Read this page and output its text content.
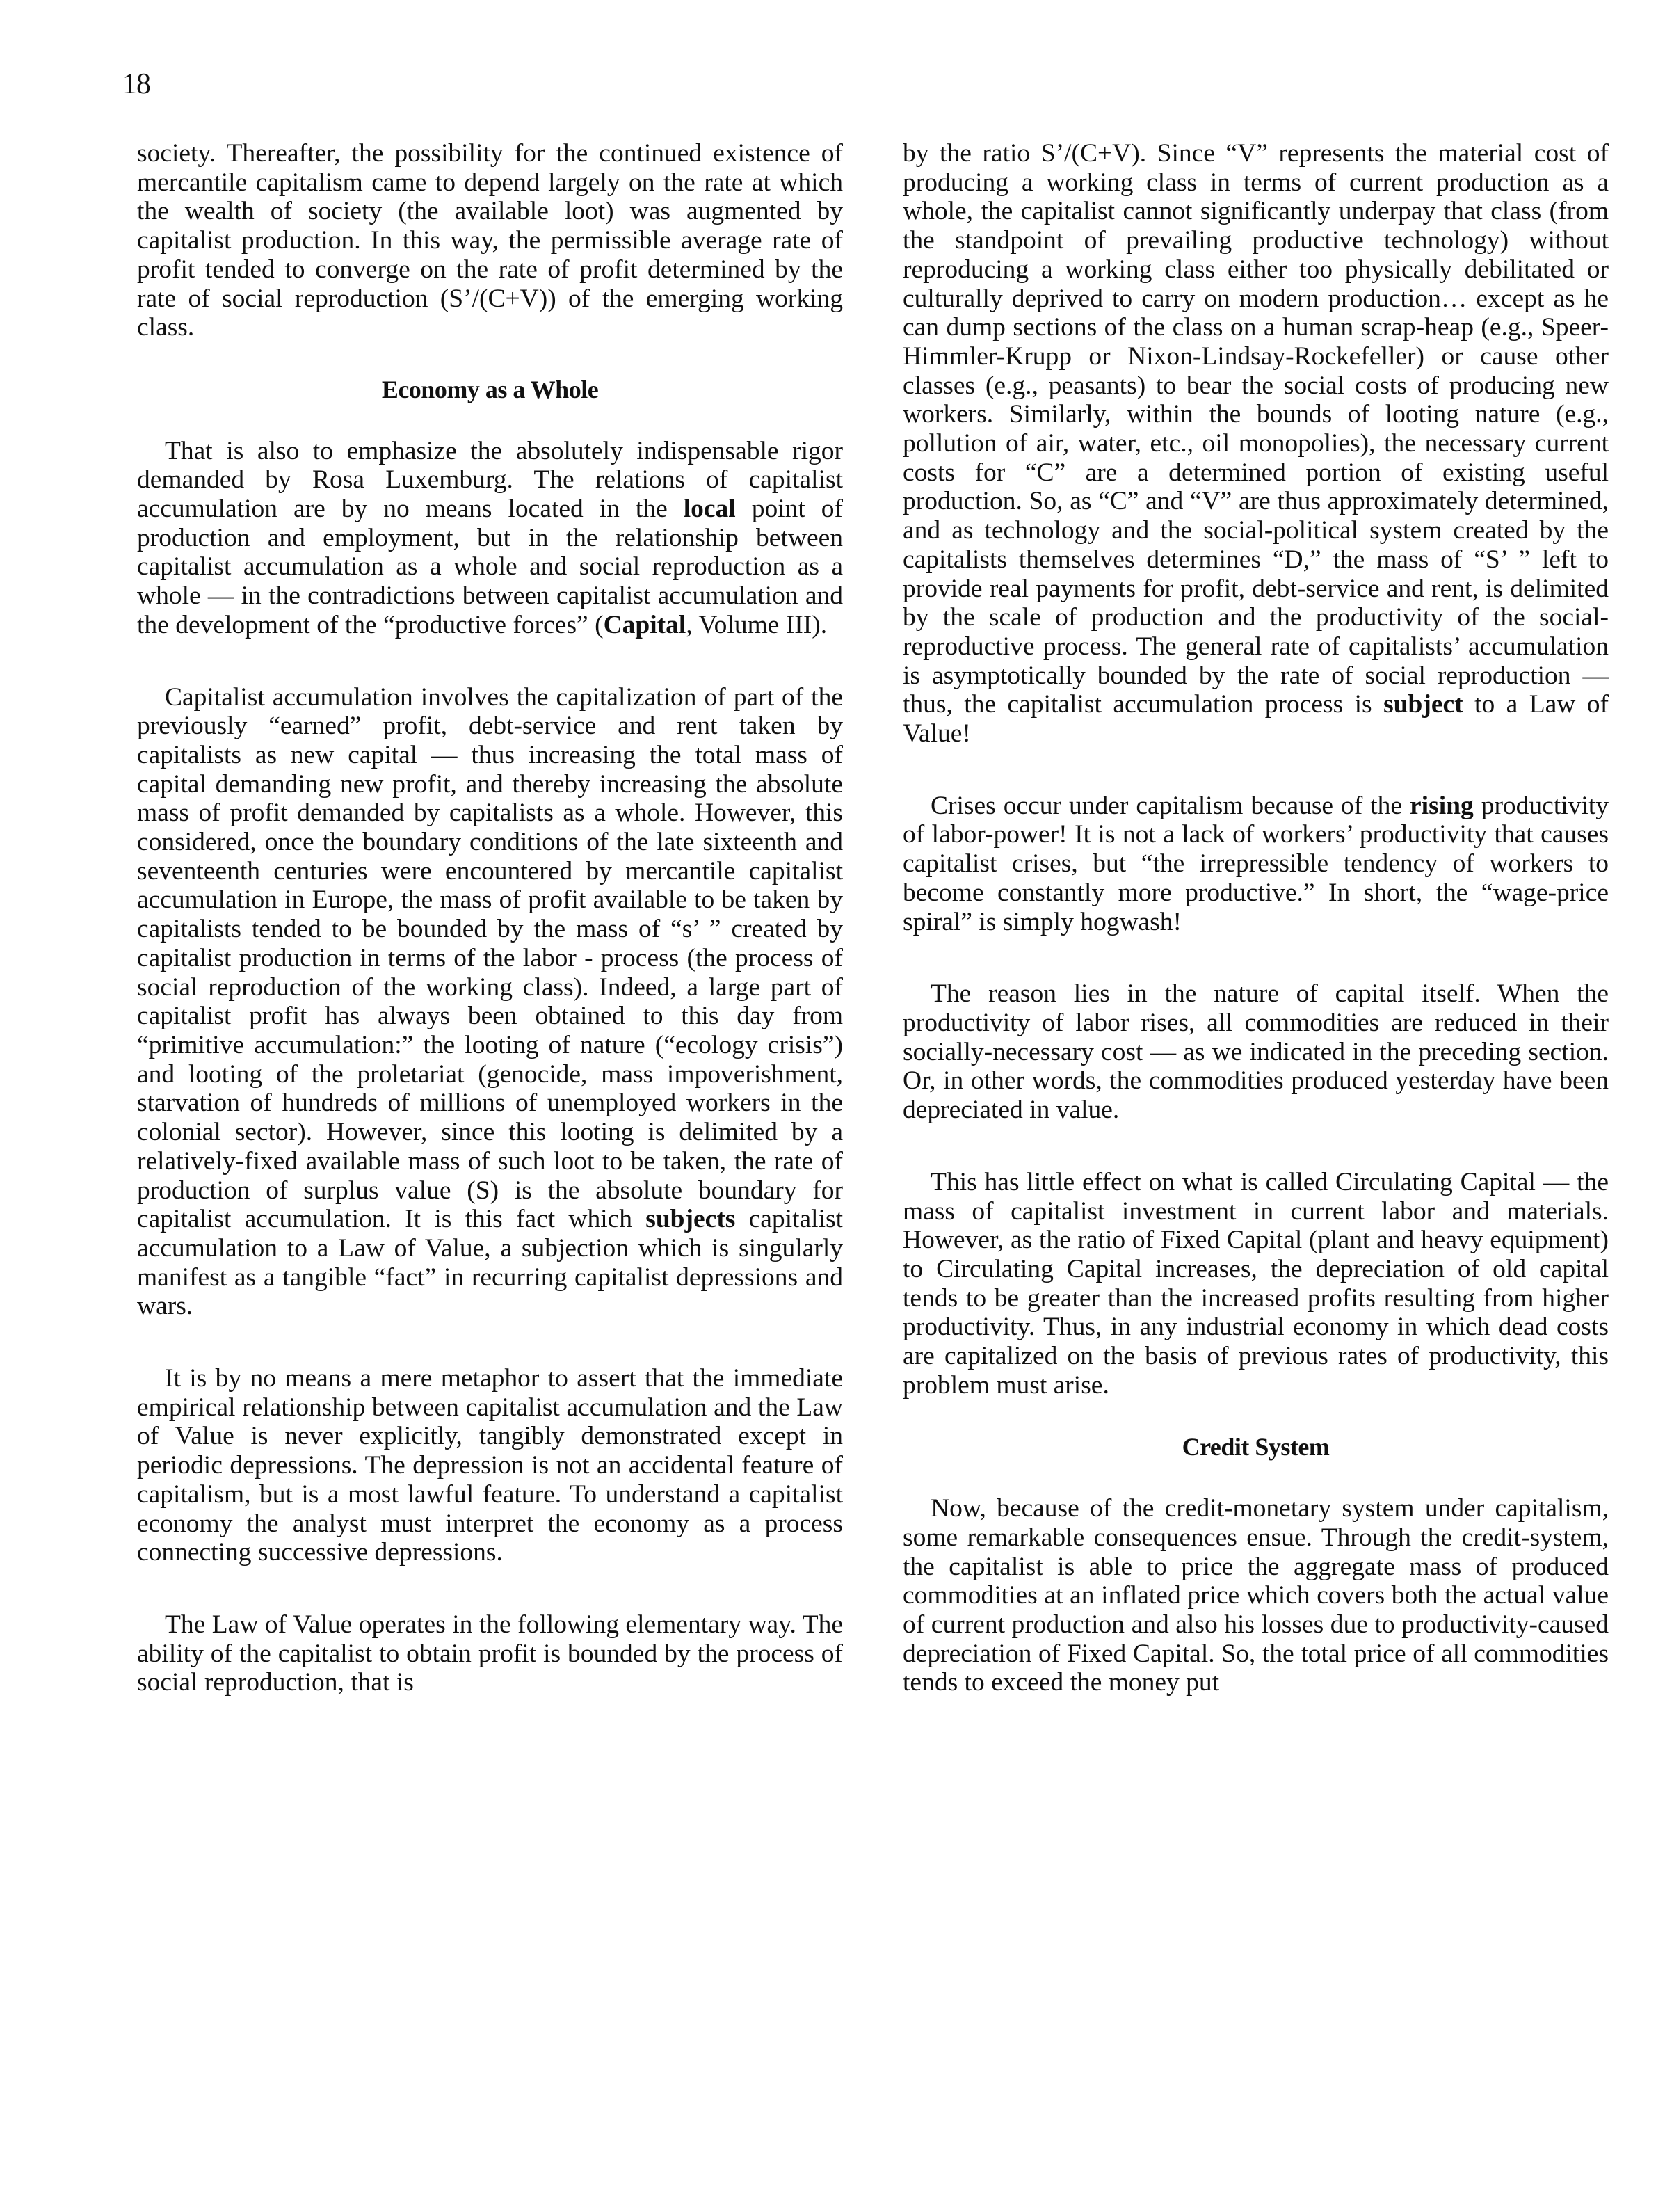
18

society. Thereafter, the possibility for the continued existence of mercantile capitalism came to depend largely on the rate at which the wealth of society (the available loot) was augmented by capitalist production. In this way, the permissible average rate of profit tended to converge on the rate of profit determined by the rate of social reproduction (S’/(C+V)) of the emerging working class.

Economy as a Whole

That is also to emphasize the absolutely indispensable rigor demanded by Rosa Luxemburg. The relations of capitalist accumulation are by no means located in the local point of production and employment, but in the relationship between capitalist accumulation as a whole and social reproduction as a whole — in the contradictions between capitalist accumulation and the development of the “productive forces” (Capital, Volume III).

Capitalist accumulation involves the capitalization of part of the previously “earned” profit, debt-service and rent taken by capitalists as new capital — thus increasing the total mass of capital demanding new profit, and thereby increasing the absolute mass of profit demanded by capitalists as a whole. However, this considered, once the boundary conditions of the late sixteenth and seventeenth centuries were encountered by mercantile capitalist accumulation in Europe, the mass of profit available to be taken by capitalists tended to be bounded by the mass of “s’ ” created by capitalist production in terms of the labor - process (the process of social reproduction of the working class). Indeed, a large part of capitalist profit has always been obtained to this day from “primitive accumulation:” the looting of nature (“ecology crisis”) and looting of the proletariat (genocide, mass impoverishment, starvation of hundreds of millions of unemployed workers in the colonial sector). However, since this looting is delimited by a relatively-fixed available mass of such loot to be taken, the rate of production of surplus value (S) is the absolute boundary for capitalist accumulation. It is this fact which subjects capitalist accumulation to a Law of Value, a subjection which is singularly manifest as a tangible “fact” in recurring capitalist depressions and wars.

It is by no means a mere metaphor to assert that the immediate empirical relationship between capitalist accumulation and the Law of Value is never explicitly, tangibly demonstrated except in periodic depressions. The depression is not an accidental feature of capitalism, but is a most lawful feature. To understand a capitalist economy the analyst must interpret the economy as a process connecting successive depressions.

The Law of Value operates in the following elementary way. The ability of the capitalist to obtain profit is bounded by the process of social reproduction, that is

by the ratio S’/(C+V). Since “V” represents the material cost of producing a working class in terms of current production as a whole, the capitalist cannot significantly underpay that class (from the standpoint of prevailing productive technology) without reproducing a working class either too physically debilitated or culturally deprived to carry on modern production… except as he can dump sections of the class on a human scrap-heap (e.g., Speer-Himmler-Krupp or Nixon-Lindsay-Rockefeller) or cause other classes (e.g., peasants) to bear the social costs of producing new workers. Similarly, within the bounds of looting nature (e.g., pollution of air, water, etc., oil monopolies), the necessary current costs for “C” are a determined portion of existing useful production. So, as “C” and “V” are thus approximately determined, and as technology and the social-political system created by the capitalists themselves determines “D,” the mass of “S’ ” left to provide real payments for profit, debt-service and rent, is delimited by the scale of production and the productivity of the social-reproductive process. The general rate of capitalists’ accumulation is asymptotically bounded by the rate of social reproduction — thus, the capitalist accumulation process is subject to a Law of Value!

Crises occur under capitalism because of the rising productivity of labor-power! It is not a lack of workers’ productivity that causes capitalist crises, but “the irrepressible tendency of workers to become constantly more productive.” In short, the “wage-price spiral” is simply hogwash!

The reason lies in the nature of capital itself. When the productivity of labor rises, all commodities are reduced in their socially-necessary cost — as we indicated in the preceding section. Or, in other words, the commodities produced yesterday have been depreciated in value.

This has little effect on what is called Circulating Capital — the mass of capitalist investment in current labor and materials. However, as the ratio of Fixed Capital (plant and heavy equipment) to Circulating Capital increases, the depreciation of old capital tends to be greater than the increased profits resulting from higher productivity. Thus, in any industrial economy in which dead costs are capitalized on the basis of previous rates of productivity, this problem must arise.

Credit System

Now, because of the credit-monetary system under capitalism, some remarkable consequences ensue. Through the credit-system, the capitalist is able to price the aggregate mass of produced commodities at an inflated price which covers both the actual value of current production and also his losses due to productivity-caused depreciation of Fixed Capital. So, the total price of all commodities tends to exceed the money put
